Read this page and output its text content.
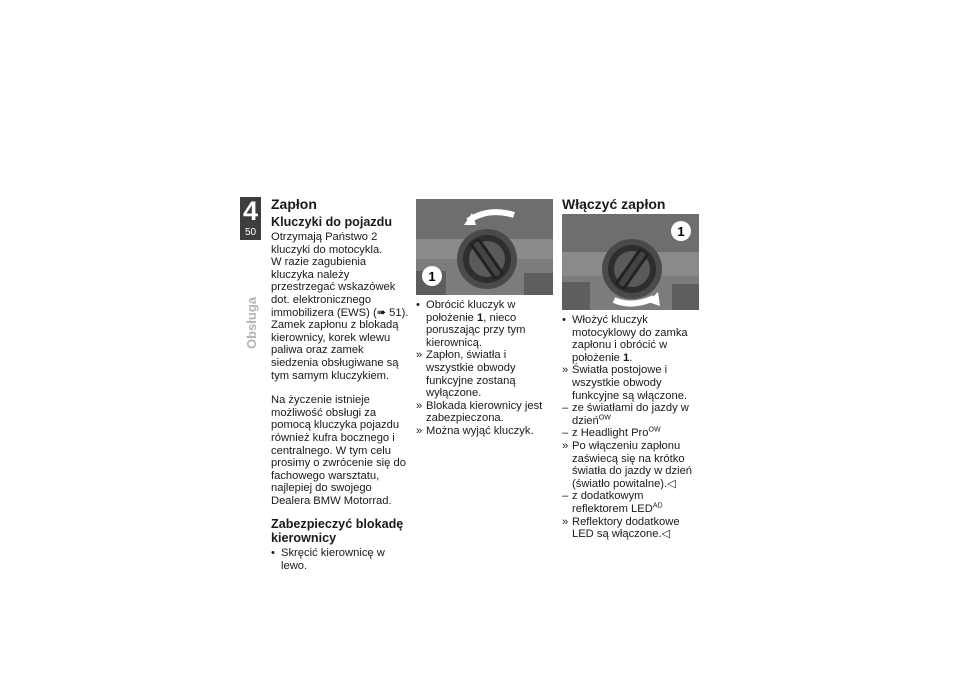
4
50
Obsługa
Zapłon
Kluczyki do pojazdu

Otrzymają Państwo 2 kluczyki do motocykla.

W razie zagubienia kluczyka należy przestrzegać wskazówek dot. elektronicznego immobilizera (EWS) (➠ 51).

Zamek zapłonu z blokadą kierownicy, korek wlewu paliwa oraz zamek siedzenia obsługiwane są tym samym kluczykiem.

Na życzenie istnieje możliwość obsługi za pomocą kluczyka pojazdu również kufra bocznego i centralnego. W tym celu prosimy o zwrócenie się do fachowego warsztatu, najlepiej do swojego Dealera BMW Motorrad.

Zabezpieczyć blokadę kierownicy
• Skręcić kierownicę w lewo.
1
• Obrócić kluczyk w położenie 1, nieco poruszając przy tym kierownicą.
» Zapłon, światła i wszystkie obwody funkcyjne zostaną wyłączone.
» Blokada kierownicy jest zabezpieczona.
» Można wyjąć kluczyk.
Włączyć zapłon
1
• Włożyć kluczyk motocyklowy do zamka zapłonu i obrócić w położenie 1.
» Światła postojowe i wszystkie obwody funkcyjne są włączone.
– ze światłami do jazdy w dzień$^{OW}$
– z Headlight Pro$^{OW}$
» Po włączeniu zapłonu zaświecą się na krótko światła do jazdy w dzień (światło powitalne).◁
– z dodatkowym reflektorem $LED^{AD}$
» Reflektory dodatkowe LED są włączone.◁
